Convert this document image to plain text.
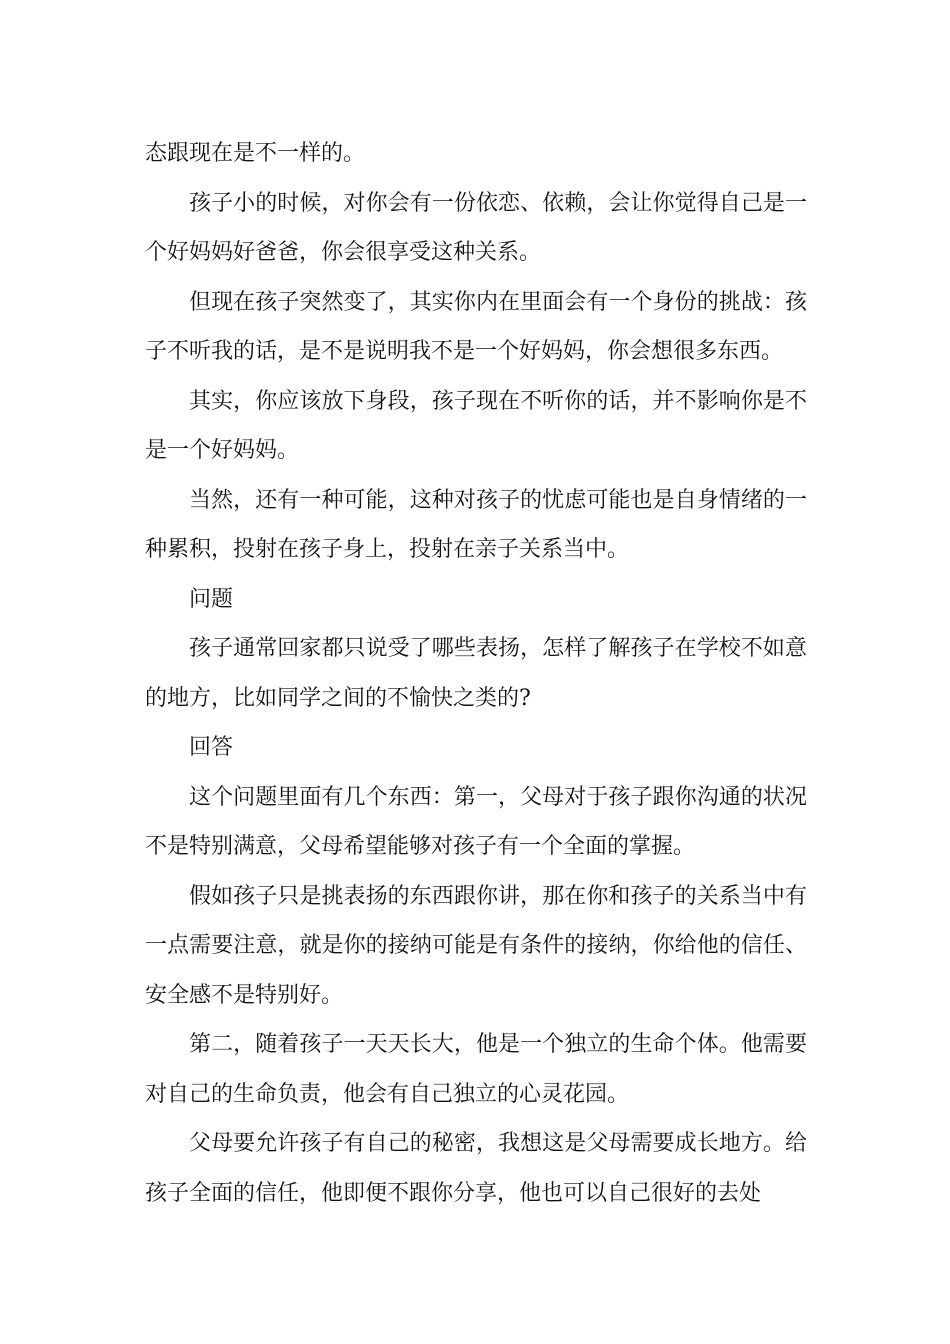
态跟现在是不一样的。

孩子小的时候，对你会有一份依恋、依赖，会让你觉得自己是一个好妈妈好爸爸，你会很享受这种关系。

但现在孩子突然变了，其实你内在里面会有一个身份的挑战：孩子不听我的话，是不是说明我不是一个好妈妈，你会想很多东西。

其实，你应该放下身段，孩子现在不听你的话，并不影响你是不是一个好妈妈。

当然，还有一种可能，这种对孩子的忧虑可能也是自身情绪的一种累积，投射在孩子身上，投射在亲子关系当中。

问题

孩子通常回家都只说受了哪些表扬，怎样了解孩子在学校不如意的地方，比如同学之间的不愉快之类的?

回答

这个问题里面有几个东西：第一，父母对于孩子跟你沟通的状况不是特别满意，父母希望能够对孩子有一个全面的掌握。

假如孩子只是挑表扬的东西跟你讲，那在你和孩子的关系当中有一点需要注意，就是你的接纳可能是有条件的接纳，你给他的信任、安全感不是特别好。

第二，随着孩子一天天长大，他是一个独立的生命个体。他需要对自己的生命负责，他会有自己独立的心灵花园。

父母要允许孩子有自己的秘密，我想这是父母需要成长地方。给孩子全面的信任，他即便不跟你分享，他也可以自己很好的去处
